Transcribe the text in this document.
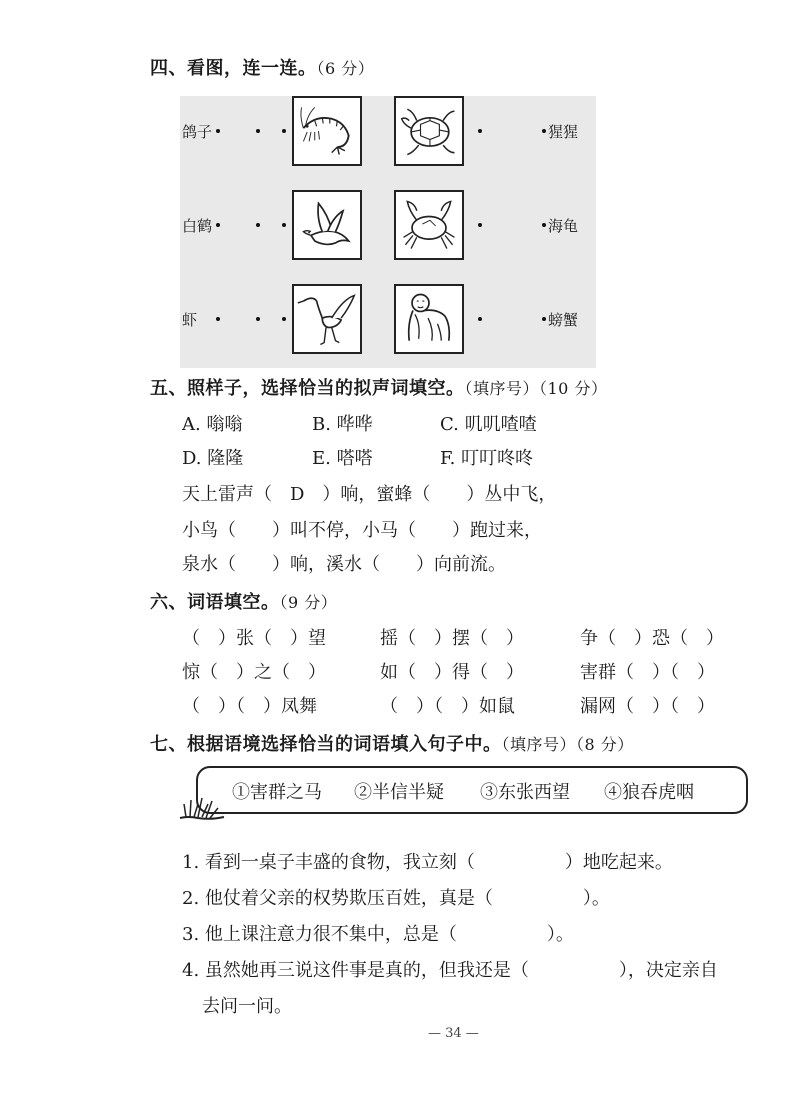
四、看图，连一连。（6 分）
鸽子
白鹤
虾
猩猩
海龟
螃蟹
五、照样子，选择恰当的拟声词填空。（填序号）（10 分）
A. 嗡嗡	B. 哗哗	C. 叽叽喳喳
D. 隆隆	E. 嗒嗒	F. 叮叮咚咚
天上雷声（　D　）响，蜜蜂（　　）丛中飞，
小鸟（　　）叫不停，小马（　　）跑过来，
泉水（　　）响，溪水（　　）向前流。
六、词语填空。（9 分）
（　）张（　）望	摇（　）摆（　）	争（　）恐（　）
惊（　）之（　）	如（　）得（　）	害群（　）（　）
（　）（　）凤舞	（　）（　）如鼠	漏网（　）（　）
七、根据语境选择恰当的词语填入句子中。（填序号）（8 分）
①害群之马 ②半信半疑 ③东张西望 ④狼吞虎咽
1. 看到一桌子丰盛的食物，我立刻（　　　　　）地吃起来。
2. 他仗着父亲的权势欺压百姓，真是（　　　　　）。
3. 他上课注意力很不集中，总是（　　　　　）。
4. 虽然她再三说这件事是真的，但我还是（　　　　　），决定亲自
去问一问。
— 34 —
